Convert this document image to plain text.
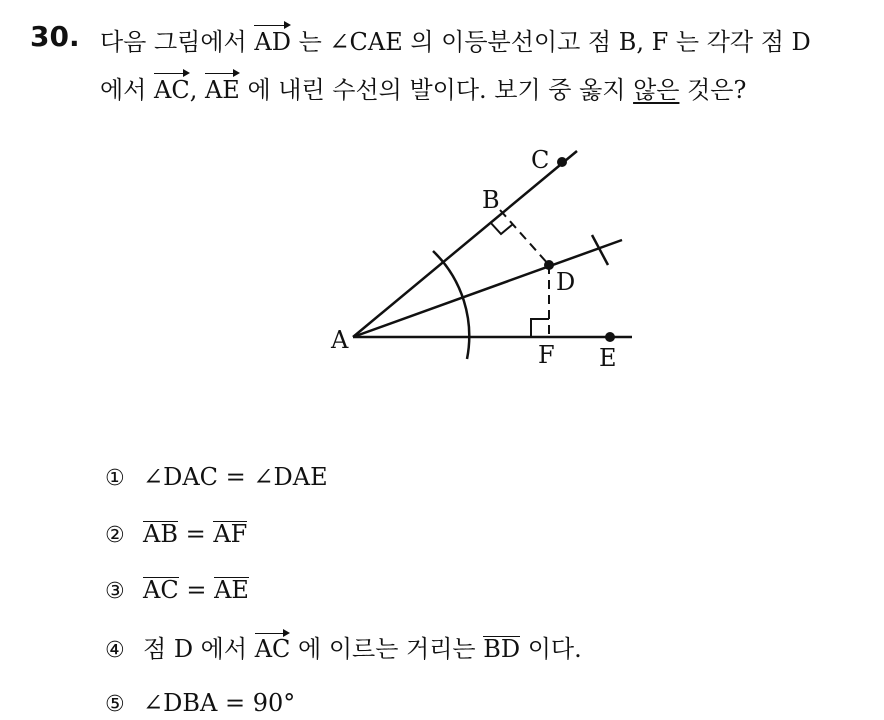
30. 다음 그림에서 AD 는 ∠CAE 의 이등분선이고 점 B, F 는 각각 점 D
에서 AC, AE 에 내린 수선의 발이다. 보기 중 옳지 않은 것은?
A
B
C
D
E
F
① ∠DAC = ∠DAE
② AB = AF
③ AC = AE
④ 점 D 에서 AC 에 이르는 거리는 BD 이다.
⑤ ∠DBA = 90°
